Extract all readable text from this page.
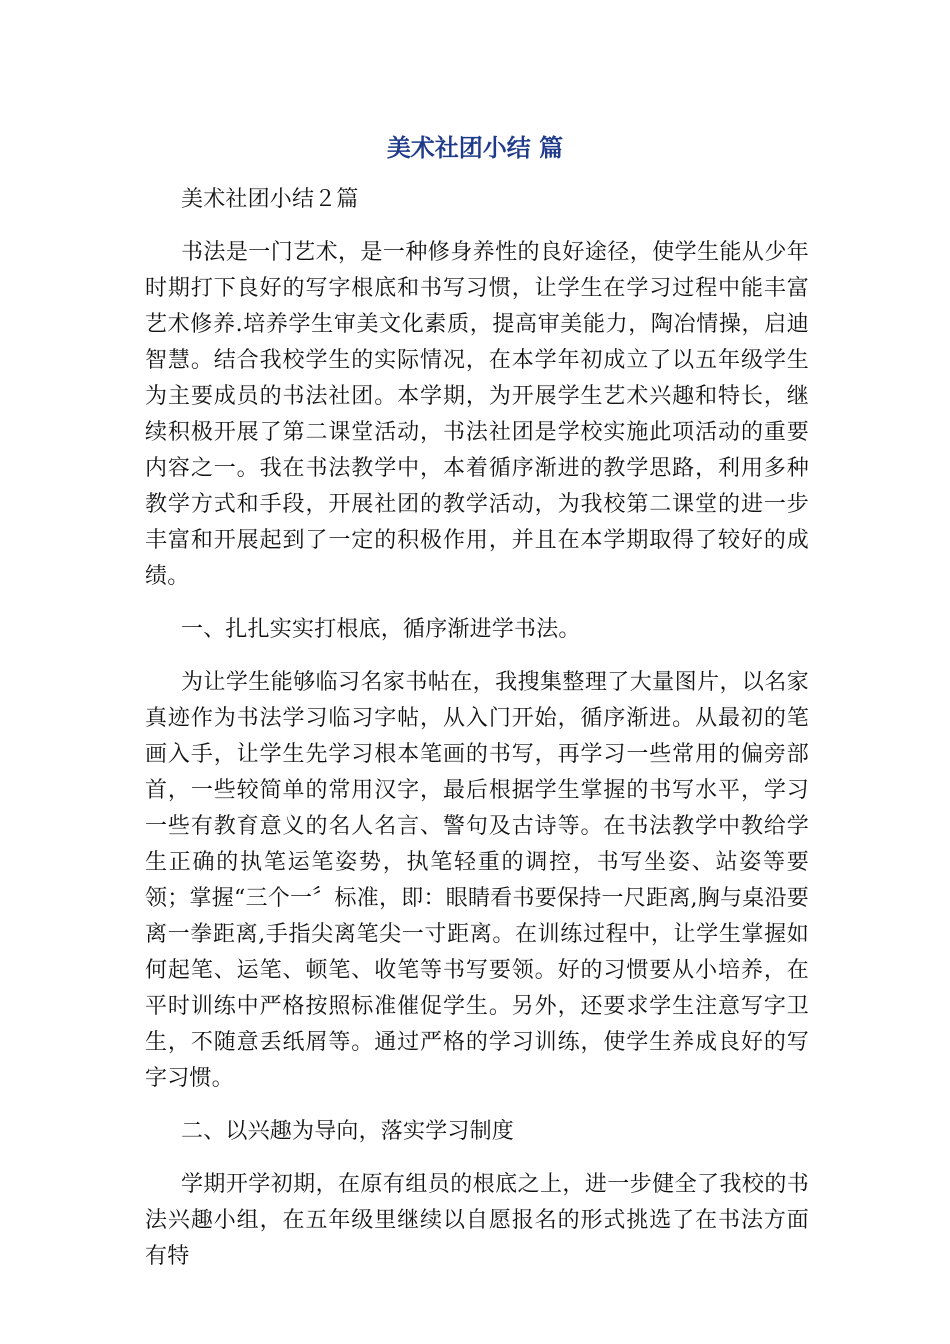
美术社团小结 篇

美术社团小结２篇

书法是一门艺术，是一种修身养性的良好途径，使学生能从少年时期打下良好的写字根底和书写习惯，让学生在学习过程中能丰富艺术修养.培养学生审美文化素质，提高审美能力，陶冶情操，启迪智慧。结合我校学生的实际情况，在本学年初成立了以五年级学生为主要成员的书法社团。本学期，为开展学生艺术兴趣和特长，继续积极开展了第二课堂活动，书法社团是学校实施此项活动的重要内容之一。我在书法教学中，本着循序渐进的教学思路，利用多种教学方式和手段，开展社团的教学活动，为我校第二课堂的进一步丰富和开展起到了一定的积极作用，并且在本学期取得了较好的成绩。

一、扎扎实实打根底，循序渐进学书法。

为让学生能够临习名家书帖在，我搜集整理了大量图片，以名家真迹作为书法学习临习字帖，从入门开始，循序渐进。从最初的笔画入手，让学生先学习根本笔画的书写，再学习一些常用的偏旁部首，一些较简单的常用汉字，最后根据学生掌握的书写水平，学习一些有教育意义的名人名言、警句及古诗等。在书法教学中教给学生正确的执笔运笔姿势，执笔轻重的调控，书写坐姿、站姿等要领；掌握“三个一〞标准，即：眼睛看书要保持一尺距离,胸与桌沿要离一拳距离,手指尖离笔尖一寸距离。在训练过程中，让学生掌握如何起笔、运笔、顿笔、收笔等书写要领。好的习惯要从小培养，在平时训练中严格按照标准催促学生。另外，还要求学生注意写字卫生，不随意丢纸屑等。通过严格的学习训练，使学生养成良好的写字习惯。

二、以兴趣为导向，落实学习制度

学期开学初期，在原有组员的根底之上，进一步健全了我校的书法兴趣小组，在五年级里继续以自愿报名的形式挑选了在书法方面有特
